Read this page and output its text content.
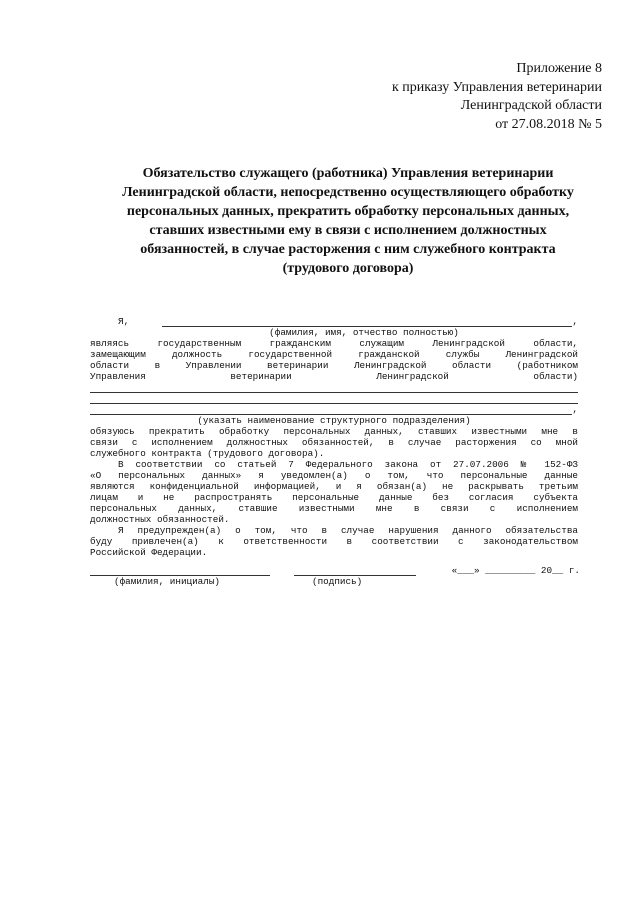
Приложение 8
к приказу Управления ветеринарии
Ленинградской области
от 27.08.2018 № 5
Обязательство служащего (работника) Управления ветеринарии
Ленинградской области, непосредственно осуществляющего обработку
персональных данных, прекратить обработку персональных данных,
ставших известными ему в связи с исполнением должностных
обязанностей, в случае расторжения с ним служебного контракта
(трудового договора)
Я,	,
(фамилия, имя, отчество полностью)
являясь государственным гражданским служащим Ленинградской области,
замещающим должность государственной гражданской службы Ленинградской
области в Управлении ветеринарии Ленинградской области (работником
Управления ветеринарии Ленинградской области)
,
(указать наименование структурного подразделения)
обязуюсь прекратить обработку персональных данных, ставших известными мне в
связи с исполнением должностных обязанностей, в случае расторжения со мной
служебного контракта (трудового договора).
В соответствии со статьей 7 Федерального закона от 27.07.2006 № 152-ФЗ
«О персональных данных» я уведомлен(а) о том, что персональные данные
являются конфиденциальной информацией, и я обязан(а) не раскрывать третьим
лицам и не распространять персональные данные без согласия субъекта
персональных данных, ставшие известными мне в связи с исполнением
должностных обязанностей.
Я предупрежден(а) о том, что в случае нарушения данного обязательства
буду привлечен(а) к ответственности в соответствии с законодательством
Российской Федерации.
«___» _________ 20__ г.
(фамилия, инициалы)	(подпись)
